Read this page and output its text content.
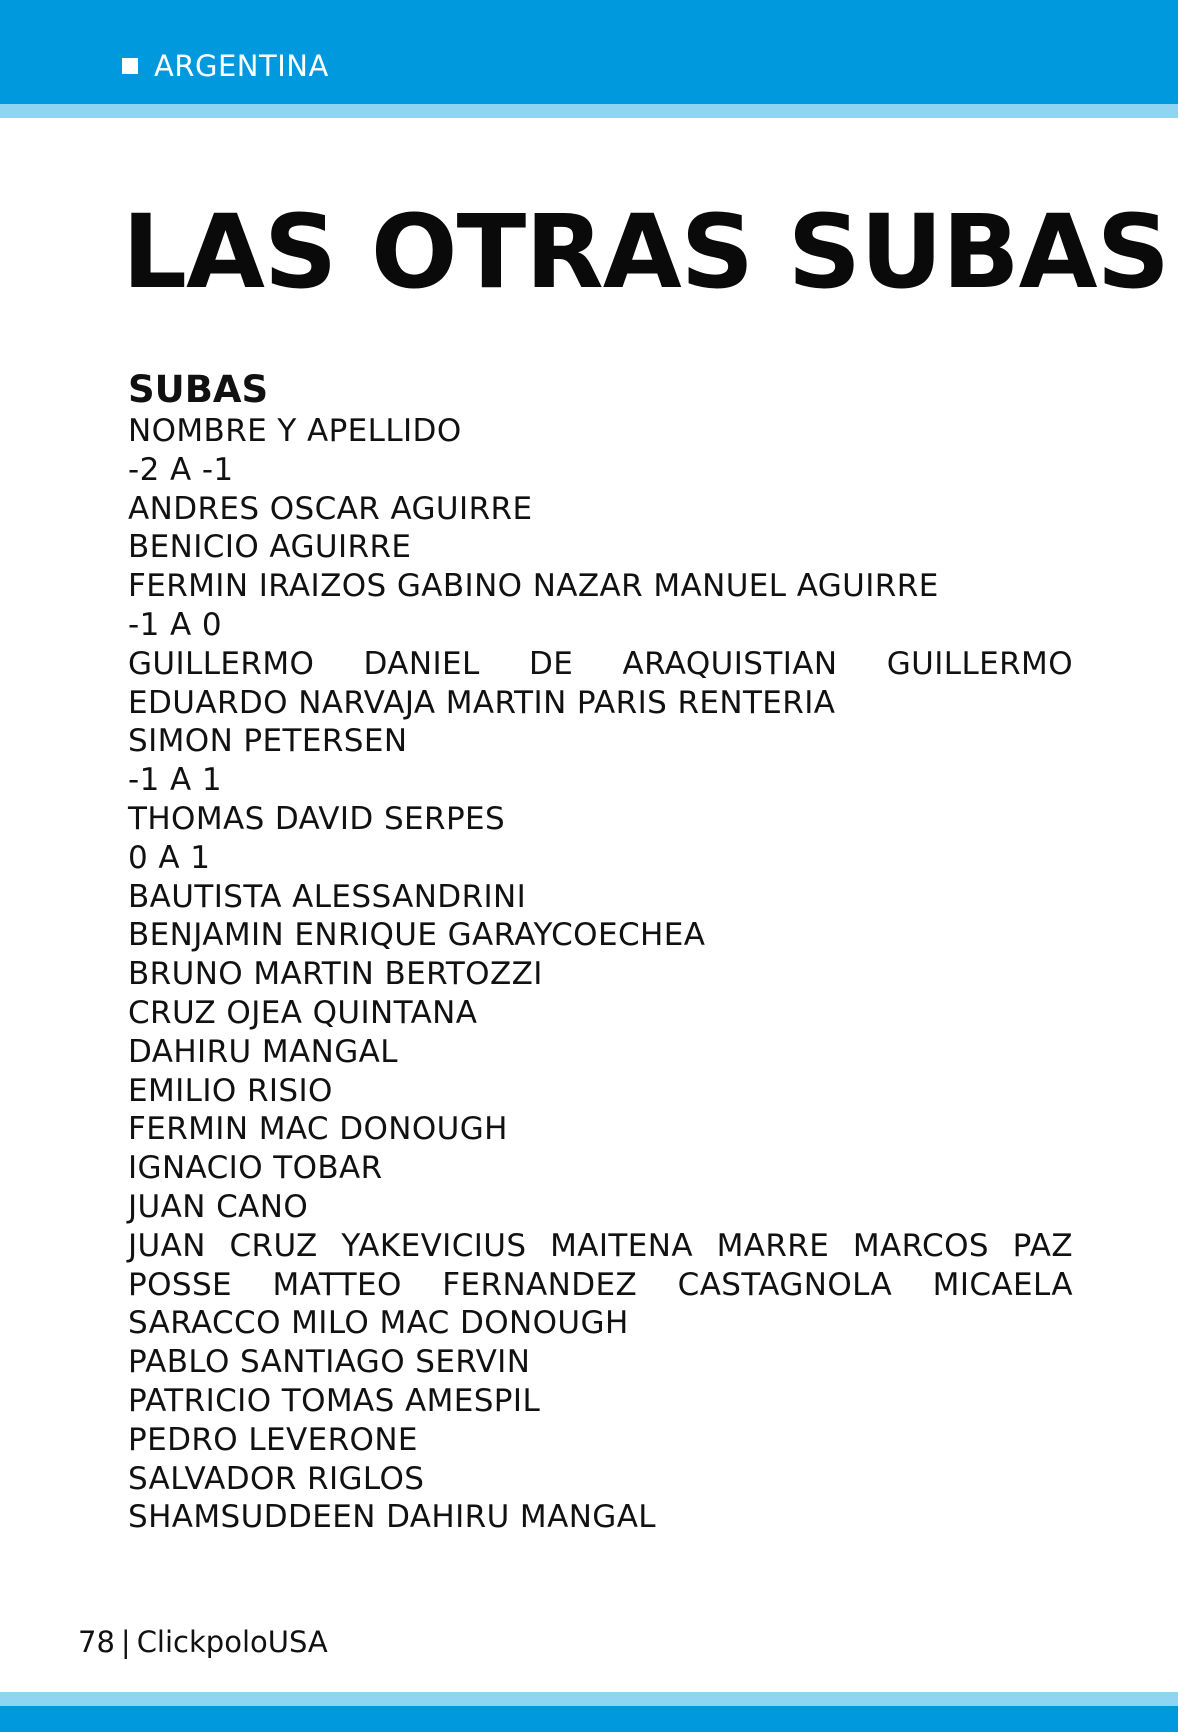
ARGENTINA
LAS OTRAS SUBAS
SUBAS
NOMBRE Y APELLIDO
-2 A -1
ANDRES OSCAR AGUIRRE
BENICIO AGUIRRE
FERMIN IRAIZOS GABINO NAZAR MANUEL AGUIRRE
-1 A 0
GUILLERMO DANIEL DE ARAQUISTIAN GUILLERMO
EDUARDO NARVAJA MARTIN PARIS RENTERIA
SIMON PETERSEN
-1 A 1
THOMAS DAVID SERPES
0 A 1
BAUTISTA ALESSANDRINI
BENJAMIN ENRIQUE GARAYCOECHEA
BRUNO MARTIN BERTOZZI
CRUZ OJEA QUINTANA
DAHIRU MANGAL
EMILIO RISIO
FERMIN MAC DONOUGH
IGNACIO TOBAR
JUAN CANO
JUAN CRUZ YAKEVICIUS MAITENA MARRE MARCOS PAZ
POSSE MATTEO FERNANDEZ CASTAGNOLA MICAELA
SARACCO MILO MAC DONOUGH
PABLO SANTIAGO SERVIN
PATRICIO TOMAS AMESPIL
PEDRO LEVERONE
SALVADOR RIGLOS
SHAMSUDDEEN DAHIRU MANGAL
78 | ClickpoloUSA
